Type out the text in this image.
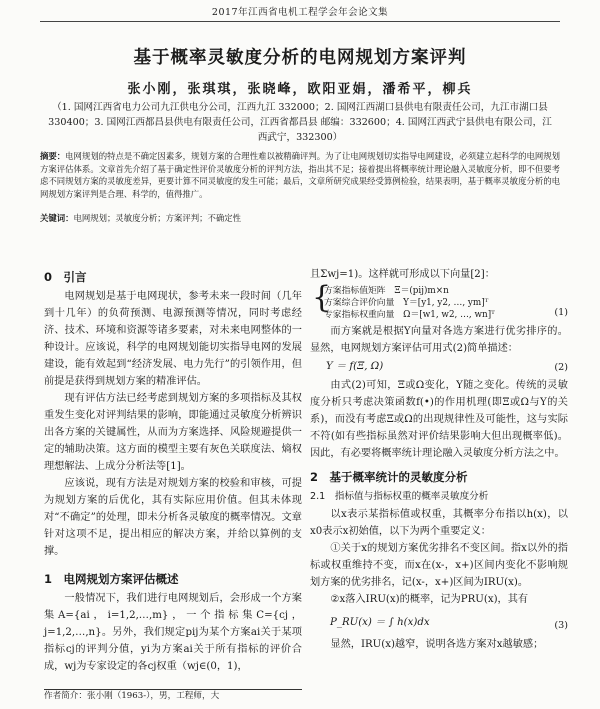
2017年江西省电机工程学会年会论文集
基于概率灵敏度分析的电网规划方案评判
张小刚，张琪琪，张晓峰，欧阳亚娟，潘希平，柳兵
（1. 国网江西省电力公司九江供电分公司，江西九江 332000；2. 国网江西湖口县供电有限责任公司，九江市湖口县 330400；3. 国网江西都昌县供电有限责任公司，江西省都昌县 邮编：332600；4. 国网江西武宁县供电有限公司，江西武宁，332300）
摘要：电网规划的特点是不确定因素多，规划方案的合理性难以被精确评判。为了让电网规划切实指导电网建设，必须建立起科学的电网规划方案评估体系。文章首先介绍了基于确定性评价灵敏度分析的评判方法，指出其不足；接着提出将概率统计理论融入灵敏度分析，即不但要考虑不同规划方案的灵敏度差异，更要计算不同灵敏度的发生可能；最后，文章所研究成果经受算例检验，结果表明，基于概率灵敏度分析的电网规划方案评判是合理、科学的，值得推广。
关键词：电网规划；灵敏度分析；方案评判；不确定性
0　引言

电网规划是基于电网现状，参考未来一段时间（几年到十几年）的负荷预测、电源预测等情况，同时考虑经济、技术、环境和资源等诸多要素，对未来电网整体的一种设计。应该说，科学的电网规划能切实指导电网的发展建设，能有效起到“经济发展、电力先行”的引领作用，但前提是获得到规划方案的精准评估。

现有评估方法已经考虑到规划方案的多项指标及其权重发生变化对评判结果的影响，即能通过灵敏度分析辨识出各方案的关键属性，从而为方案选择、风险规避提供一定的辅助决策。这方面的模型主要有灰色关联度法、熵权理想解法、上成分分析法等[1]。

应该说，现有方法是对规划方案的校验和审核，可提为规划方案的后优化，其有实际应用价值。但其未体现对“不确定”的处理，即未分析各灵敏度的概率情况。文章针对这项不足，提出相应的解决方案，并给以算例的支撑。

1　电网规划方案评估概述

一般情况下，我们进行电网规划后，会形成一个方案集A={ai，i=1,2,…,m}，一个指标集C={cj，j=1,2,…,n}。另外，我们规定pij为某个方案ai关于某项指标cj的评判分值，yi为方案ai关于所有指标的评价合成，wj为专家设定的各cj权重（wj∈(0，1)，

且Σwj=1)。这样就可形成以下向量[2]：

{
方案指标值矩阵　Ξ＝(pij)m×n
方案综合评价向量　Y＝[y1, y2, …, ym]ᵀ
专家指标权重向量　Ω＝[w1, w2, …, wn]ᵀ	(1)

而方案就是根据Y向量对各选方案进行优劣排序的。显然，电网规划方案评估可用式(2)简单描述：

Y ＝ f(Ξ, Ω)	(2)

由式(2)可知，Ξ或Ω变化，Y随之变化。传统的灵敏度分析只考虑决策函数f(•)的作用机理(即Ξ或Ω与Y的关系)，而没有考虑Ξ或Ω的出现规律性及可能性，这与实际不符(如有些指标虽然对评价结果影响大但出现概率低)。因此，有必要将概率统计理论融入灵敏度分析方法之中。

2　基于概率统计的灵敏度分析
2.1　指标值与指标权重的概率灵敏度分析

以x表示某指标值或权重，其概率分布指以h(x)，以x0表示x初始值，以下为两个重要定义：

①关于x的规划方案优劣排名不变区间。指x以外的指标或权重维持不变，而x在(x-，x+)区间内变化不影响规划方案的优劣排名，记(x-，x+)区间为IRU(x)。

②x落入IRU(x)的概率，记为PRU(x)，其有

P_RU(x) ＝ ∫ h(x)dx	(3)

显然，IRU(x)越窄，说明各选方案对x越敏感；

作者简介：张小刚（1963-），男，工程师，大
